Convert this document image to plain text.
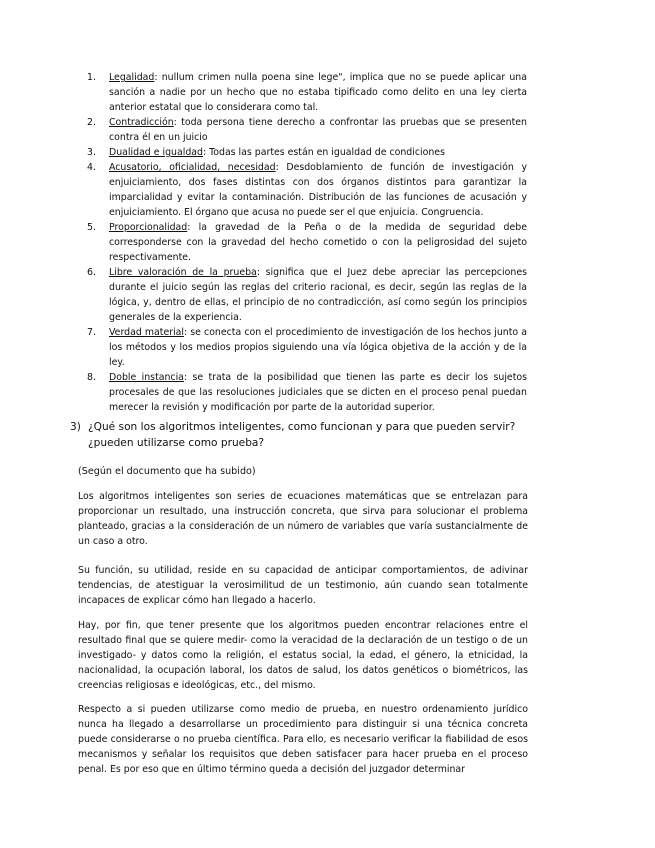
1. Legalidad: nullum crimen nulla poena sine lege", implica que no se puede aplicar una sanción a nadie por un hecho que no estaba tipificado como delito en una ley cierta anterior estatal que lo considerara como tal.
2. Contradicción: toda persona tiene derecho a confrontar las pruebas que se presenten contra él en un juicio
3. Dualidad e igualdad: Todas las partes están en igualdad de condiciones
4. Acusatorio, oficialidad, necesidad: Desdoblamiento de función de investigación y enjuiciamiento, dos fases distintas con dos órganos distintos para garantizar la imparcialidad y evitar la contaminación. Distribución de las funciones de acusación y enjuiciamiento. El órgano que acusa no puede ser el que enjuicia. Congruencia.
5. Proporcionalidad: la gravedad de la Peña o de la medida de seguridad debe corresponderse con la gravedad del hecho cometido o con la peligrosidad del sujeto respectivamente.
6. Libre valoración de la prueba: significa que el Juez debe apreciar las percepciones durante el juicio según las reglas del criterio racional, es decir, según las reglas de la lógica, y, dentro de ellas, el principio de no contradicción, así como según los principios generales de la experiencia.
7. Verdad material: se conecta con el procedimiento de investigación de los hechos junto a los métodos y los medios propios siguiendo una vía lógica objetiva de la acción y de la ley.
8. Doble instancia: se trata de la posibilidad que tienen las parte es decir los sujetos procesales de que las resoluciones judiciales que se dicten en el proceso penal puedan merecer la revisión y modificación por parte de la autoridad superior.
3) ¿Qué son los algoritmos inteligentes, como funcionan y para que pueden servir? ¿pueden utilizarse como prueba?
(Según el documento que ha subido)

Los algoritmos inteligentes son series de ecuaciones matemáticas que se entrelazan para proporcionar un resultado, una instrucción concreta, que sirva para solucionar el problema planteado, gracias a la consideración de un número de variables que varía sustancialmente de un caso a otro.

Su función, su utilidad, reside en su capacidad de anticipar comportamientos, de adivinar tendencias, de atestiguar la verosimilitud de un testimonio, aún cuando sean totalmente incapaces de explicar cómo han llegado a hacerlo.

Hay, por fin, que tener presente que los algoritmos pueden encontrar relaciones entre el resultado final que se quiere medir- como la veracidad de la declaración de un testigo o de un investigado- y datos como la religión, el estatus social, la edad, el género, la etnicidad, la nacionalidad, la ocupación laboral, los datos de salud, los datos genéticos o biométricos, las creencias religiosas e ideológicas, etc., del mismo.

Respecto a si pueden utilizarse como medio de prueba, en nuestro ordenamiento jurídico nunca ha llegado a desarrollarse un procedimiento para distinguir si una técnica concreta puede considerarse o no prueba científica. Para ello, es necesario verificar la fiabilidad de esos mecanismos y señalar los requisitos que deben satisfacer para hacer prueba en el proceso penal. Es por eso que en último término queda a decisión del juzgador determinar
